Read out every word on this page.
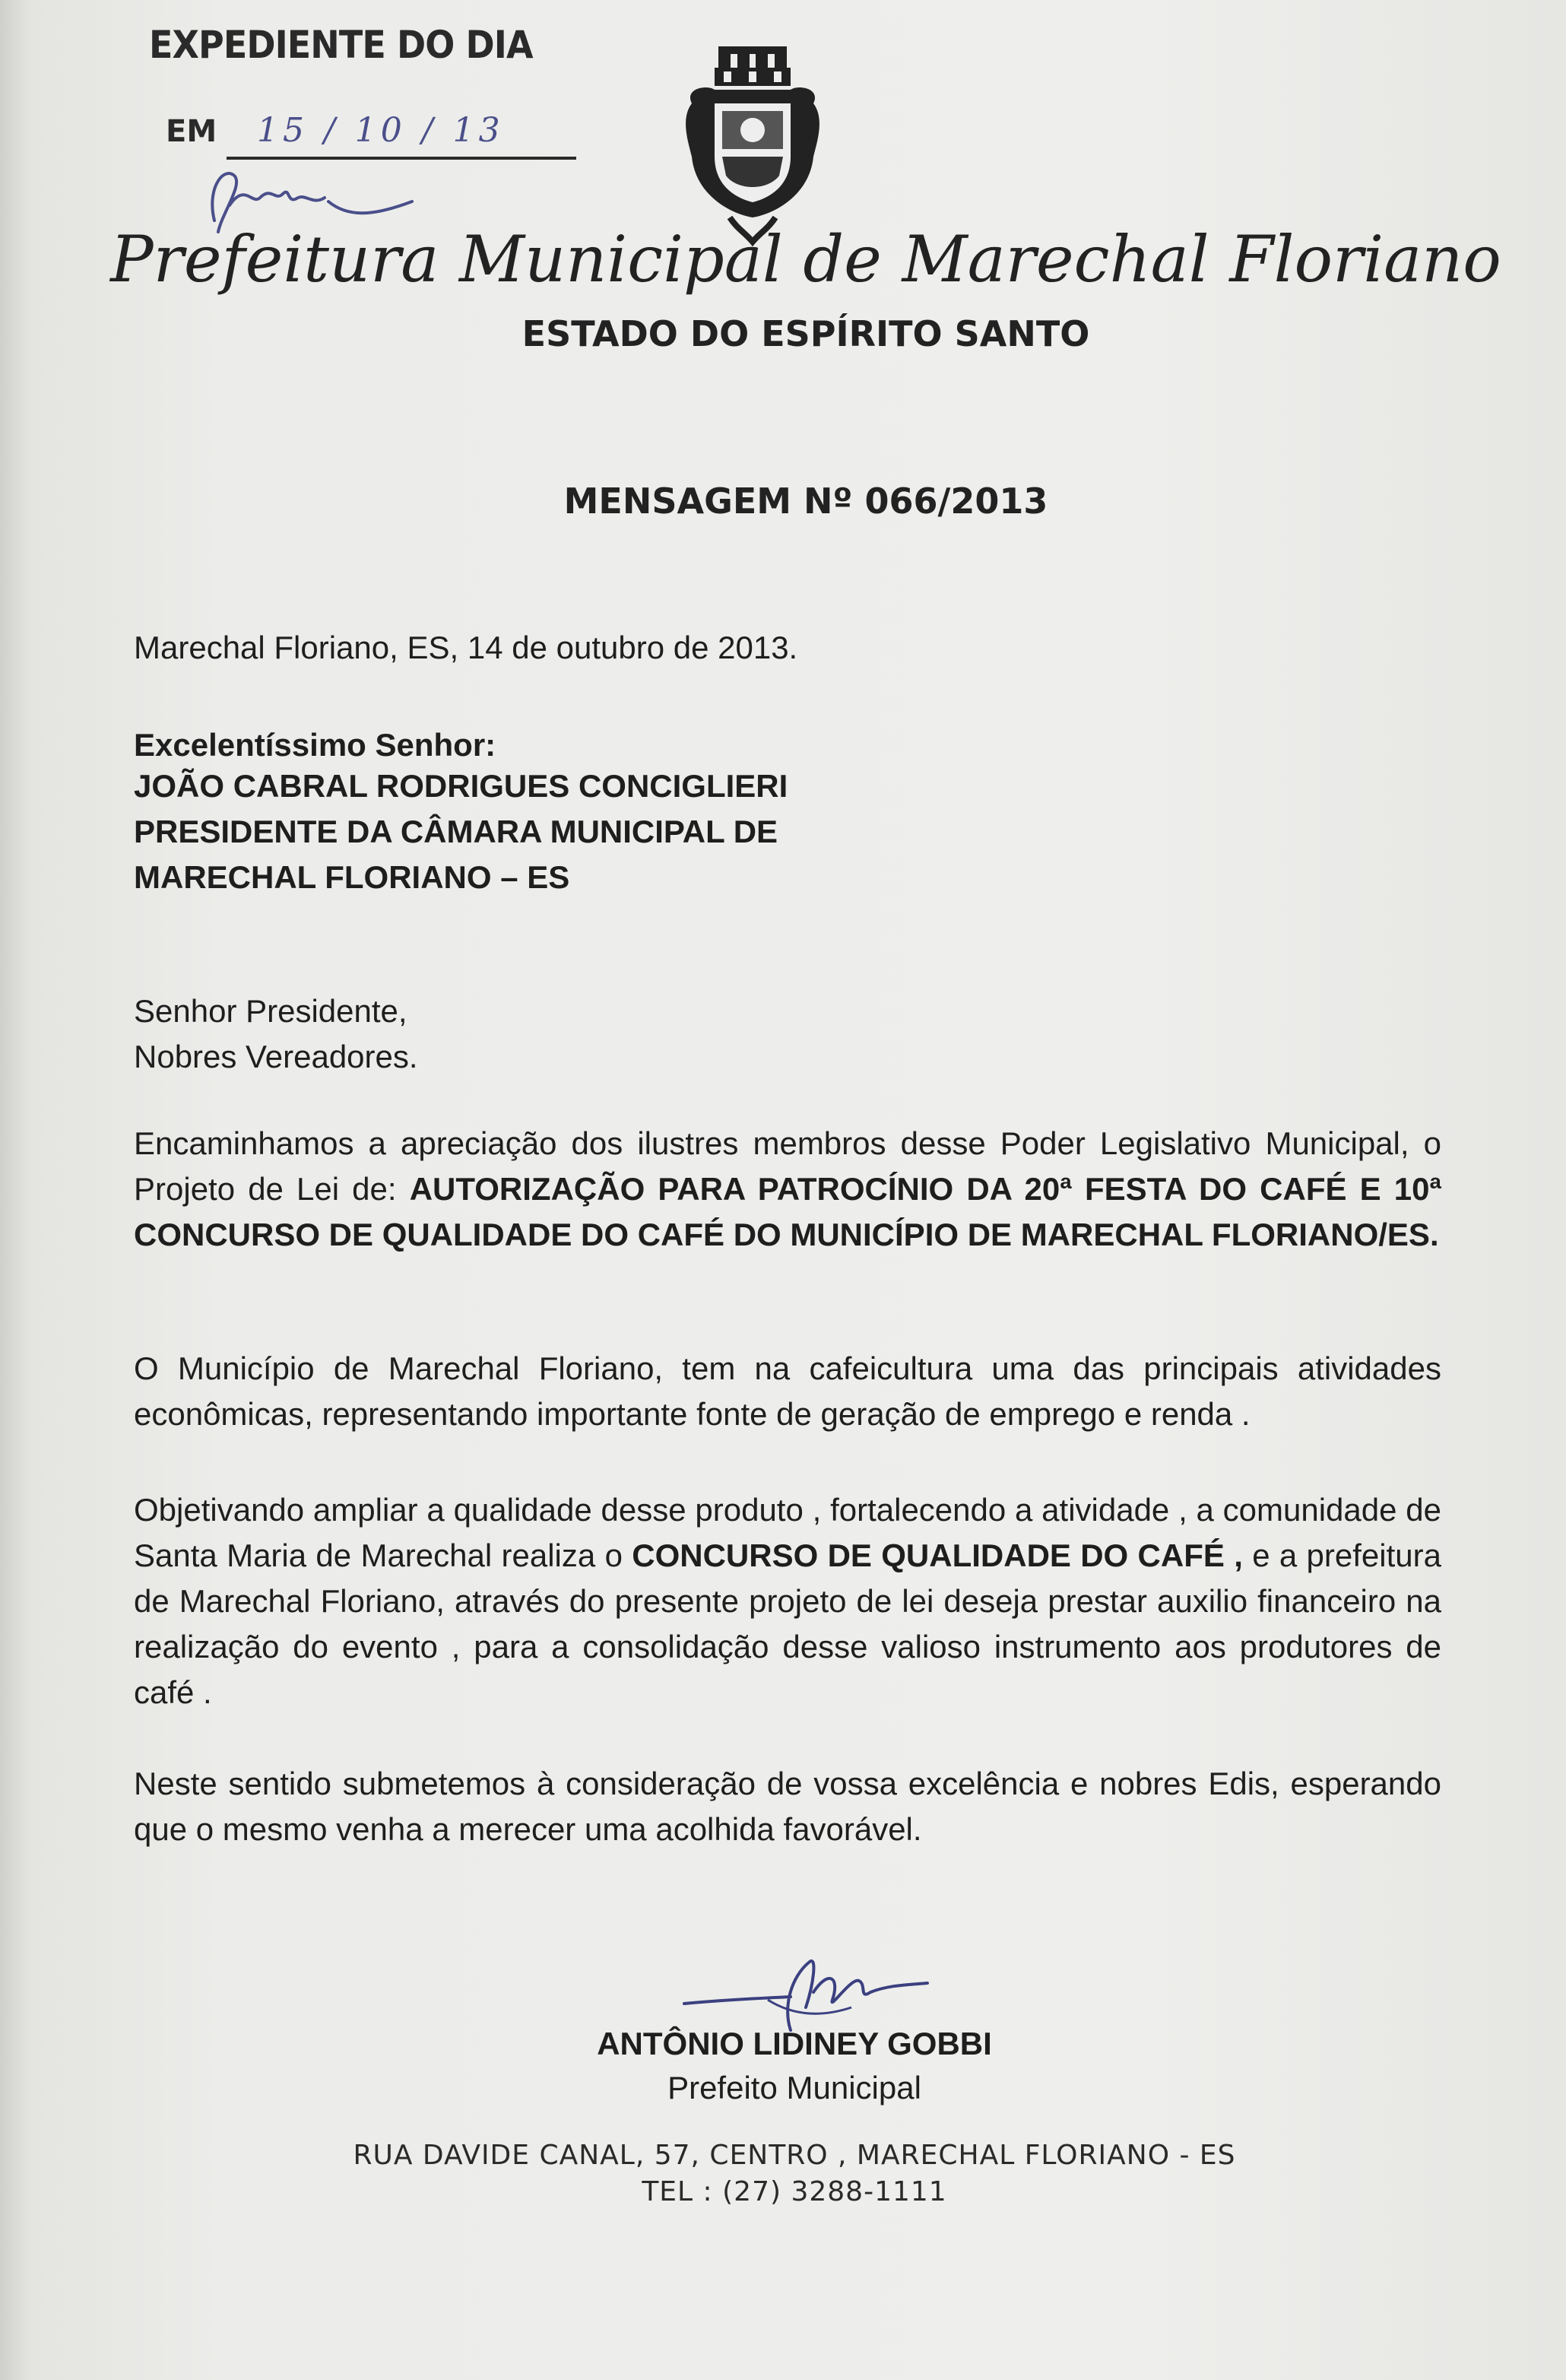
EXPEDIENTE DO DIA
EM 15 / 10 / 13
Prefeitura Municipal de Marechal Floriano
ESTADO DO ESPÍRITO SANTO
MENSAGEM Nº 066/2013
Marechal Floriano, ES, 14 de outubro de 2013.
Excelentíssimo Senhor:
JOÃO CABRAL RODRIGUES CONCIGLIERI
PRESIDENTE DA CÂMARA MUNICIPAL DE
MARECHAL FLORIANO – ES
Senhor Presidente,
Nobres Vereadores.
Encaminhamos a apreciação dos ilustres membros desse Poder Legislativo Municipal, o Projeto de Lei de: AUTORIZAÇÃO PARA PATROCÍNIO DA 20ª FESTA DO CAFÉ E 10ª CONCURSO DE QUALIDADE DO CAFÉ DO MUNICÍPIO DE MARECHAL FLORIANO/ES.
O Município de Marechal Floriano, tem na cafeicultura uma das principais atividades econômicas, representando importante fonte de geração de emprego e renda .
Objetivando ampliar a qualidade desse produto , fortalecendo a atividade , a comunidade de Santa Maria de Marechal realiza o CONCURSO DE QUALIDADE DO CAFÉ , e a prefeitura de Marechal Floriano, através do presente projeto de lei deseja prestar auxilio financeiro na realização do evento , para a consolidação desse valioso instrumento aos produtores de café .
Neste sentido submetemos à consideração de vossa excelência e nobres Edis, esperando que o mesmo venha a merecer uma acolhida favorável.
ANTÔNIO LIDINEY GOBBI
Prefeito Municipal
RUA DAVIDE CANAL, 57, CENTRO , MARECHAL FLORIANO - ES
TEL : (27) 3288-1111
